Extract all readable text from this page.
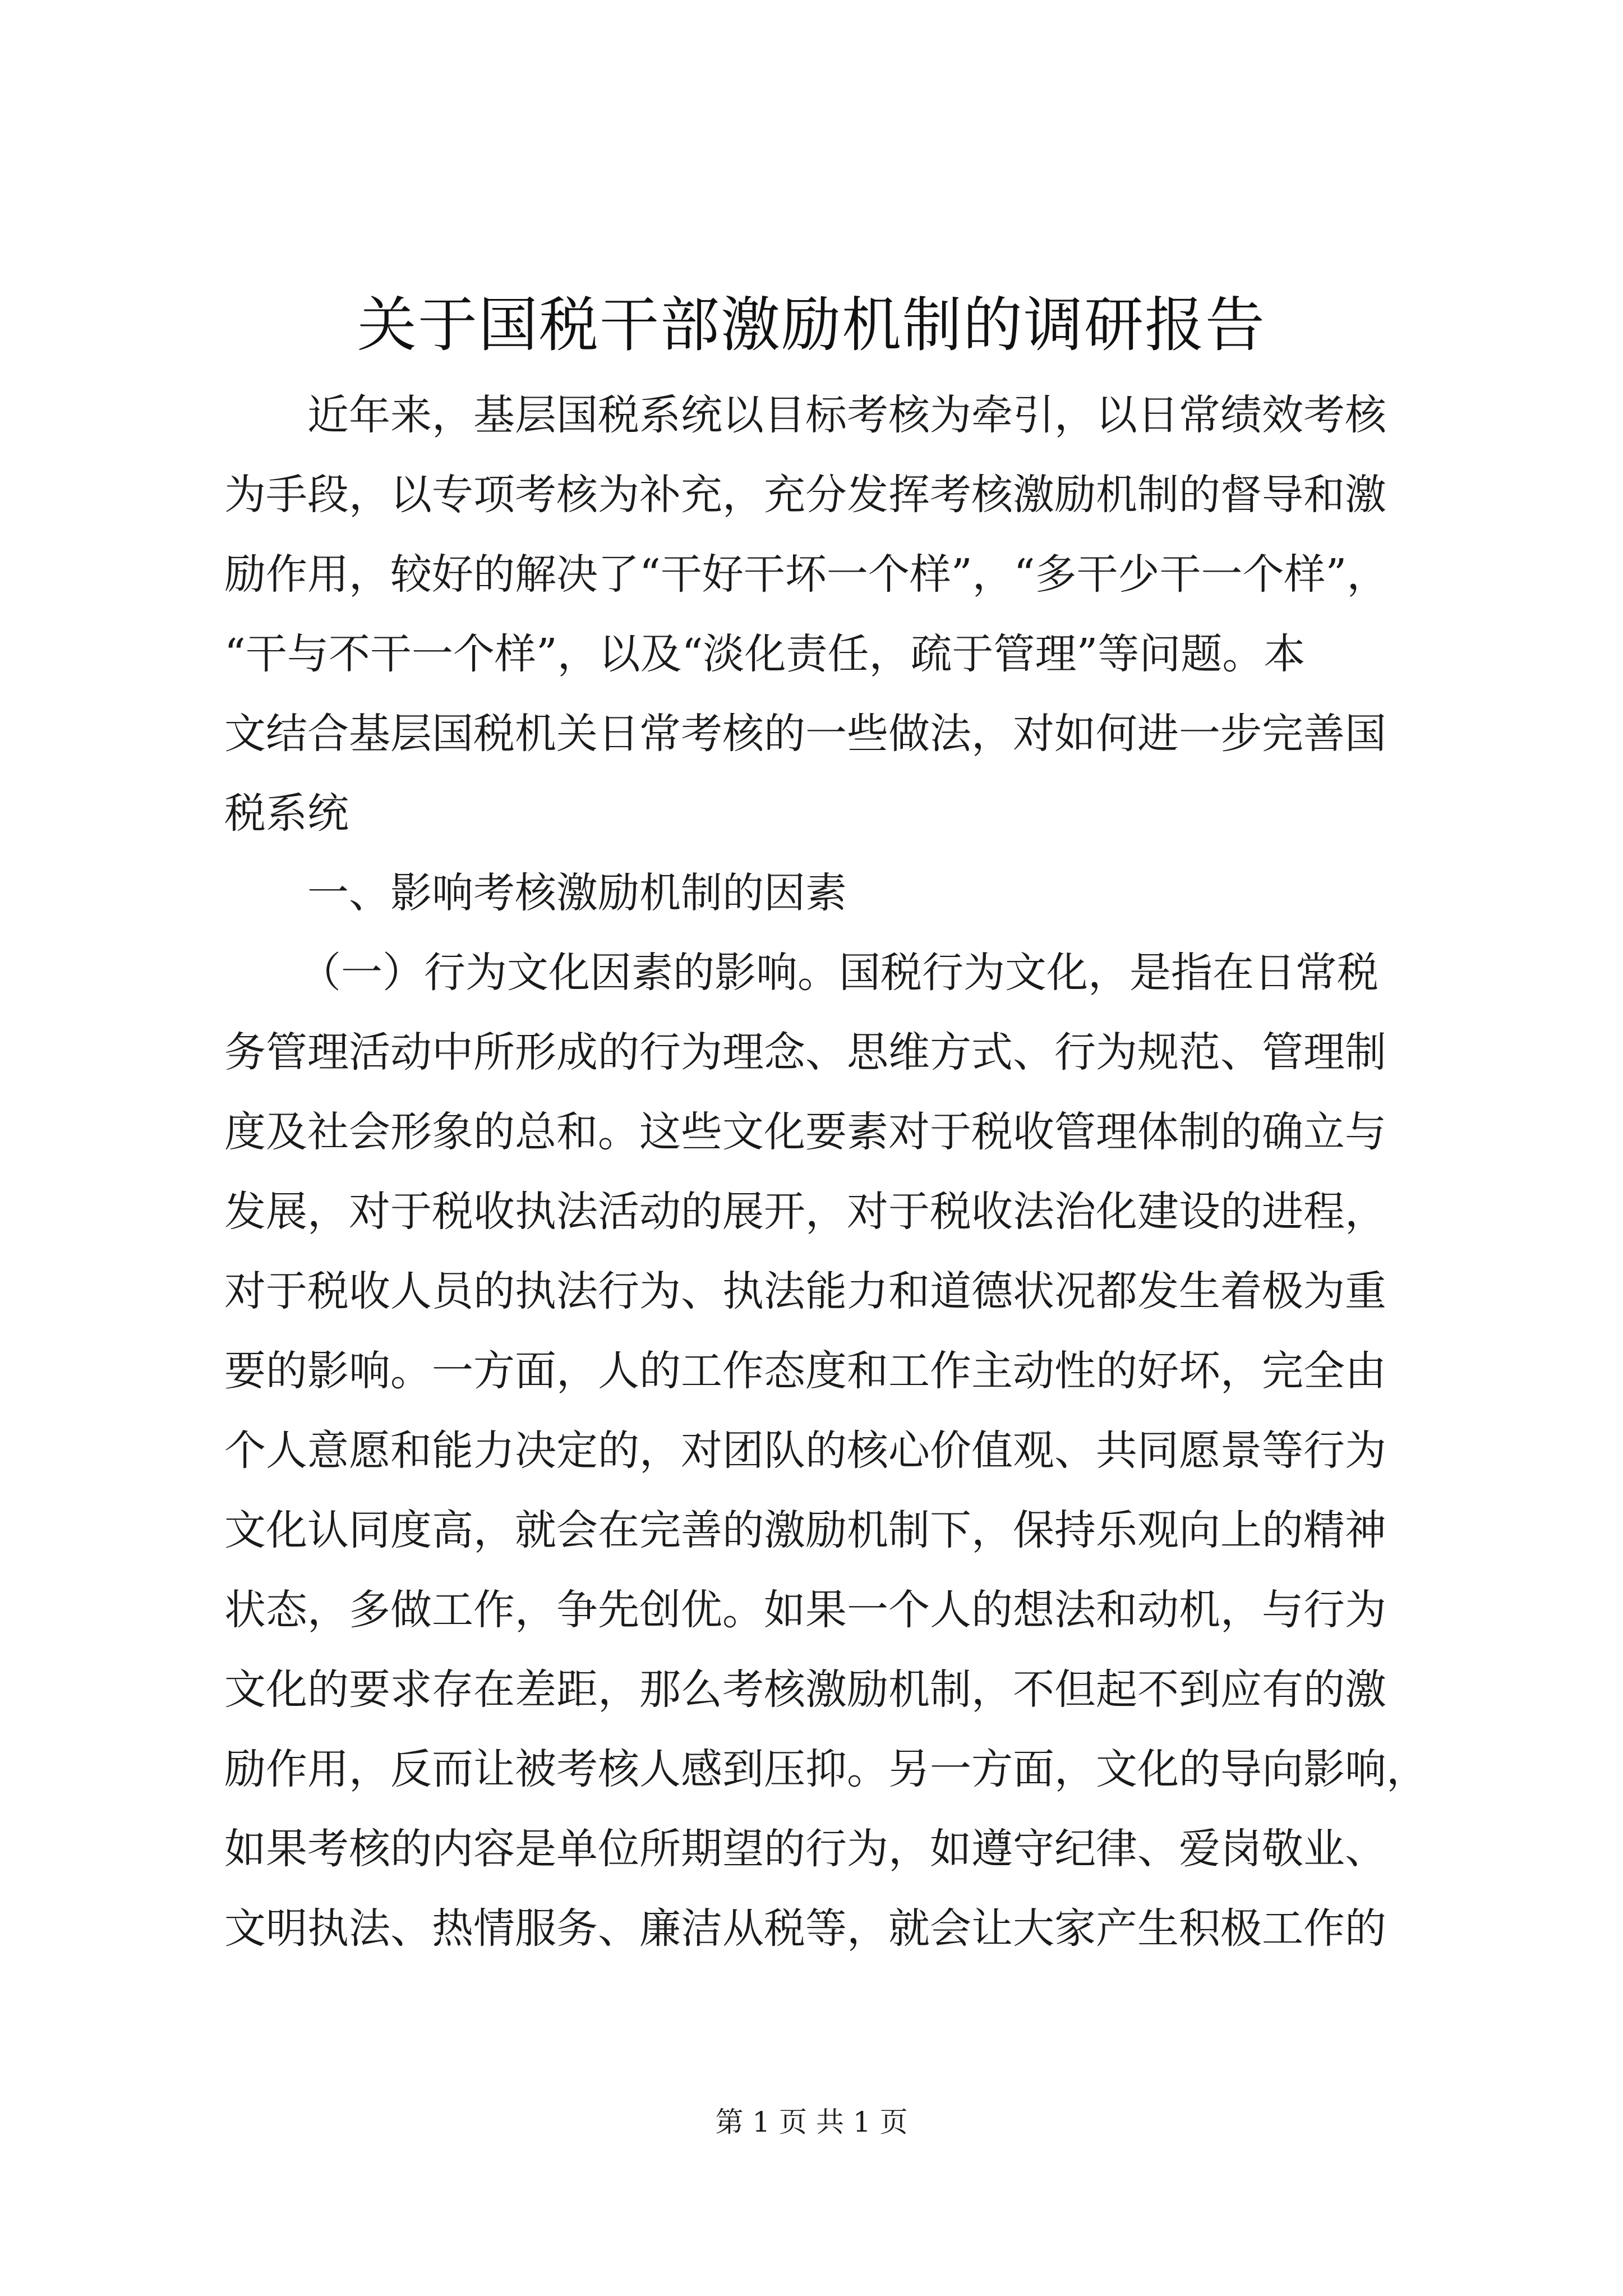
关于国税干部激励机制的调研报告
近年来，基层国税系统以目标考核为牵引，以日常绩效考核
为手段，以专项考核为补充，充分发挥考核激励机制的督导和激
励作用，较好的解决了“干好干坏一个样”，“多干少干一个样”，
“干与不干一个样”，以及“淡化责任，疏于管理”等问题。本
文结合基层国税机关日常考核的一些做法，对如何进一步完善国
税系统
一、影响考核激励机制的因素
（一）行为文化因素的影响。国税行为文化，是指在日常税
务管理活动中所形成的行为理念、思维方式、行为规范、管理制
度及社会形象的总和。这些文化要素对于税收管理体制的确立与
发展，对于税收执法活动的展开，对于税收法治化建设的进程，
对于税收人员的执法行为、执法能力和道德状况都发生着极为重
要的影响。一方面，人的工作态度和工作主动性的好坏，完全由
个人意愿和能力决定的，对团队的核心价值观、共同愿景等行为
文化认同度高，就会在完善的激励机制下，保持乐观向上的精神
状态，多做工作，争先创优。如果一个人的想法和动机，与行为
文化的要求存在差距，那么考核激励机制，不但起不到应有的激
励作用，反而让被考核人感到压抑。另一方面，文化的导向影响，
如果考核的内容是单位所期望的行为，如遵守纪律、爱岗敬业、
文明执法、热情服务、廉洁从税等，就会让大家产生积极工作的
第 1 页 共 1 页
